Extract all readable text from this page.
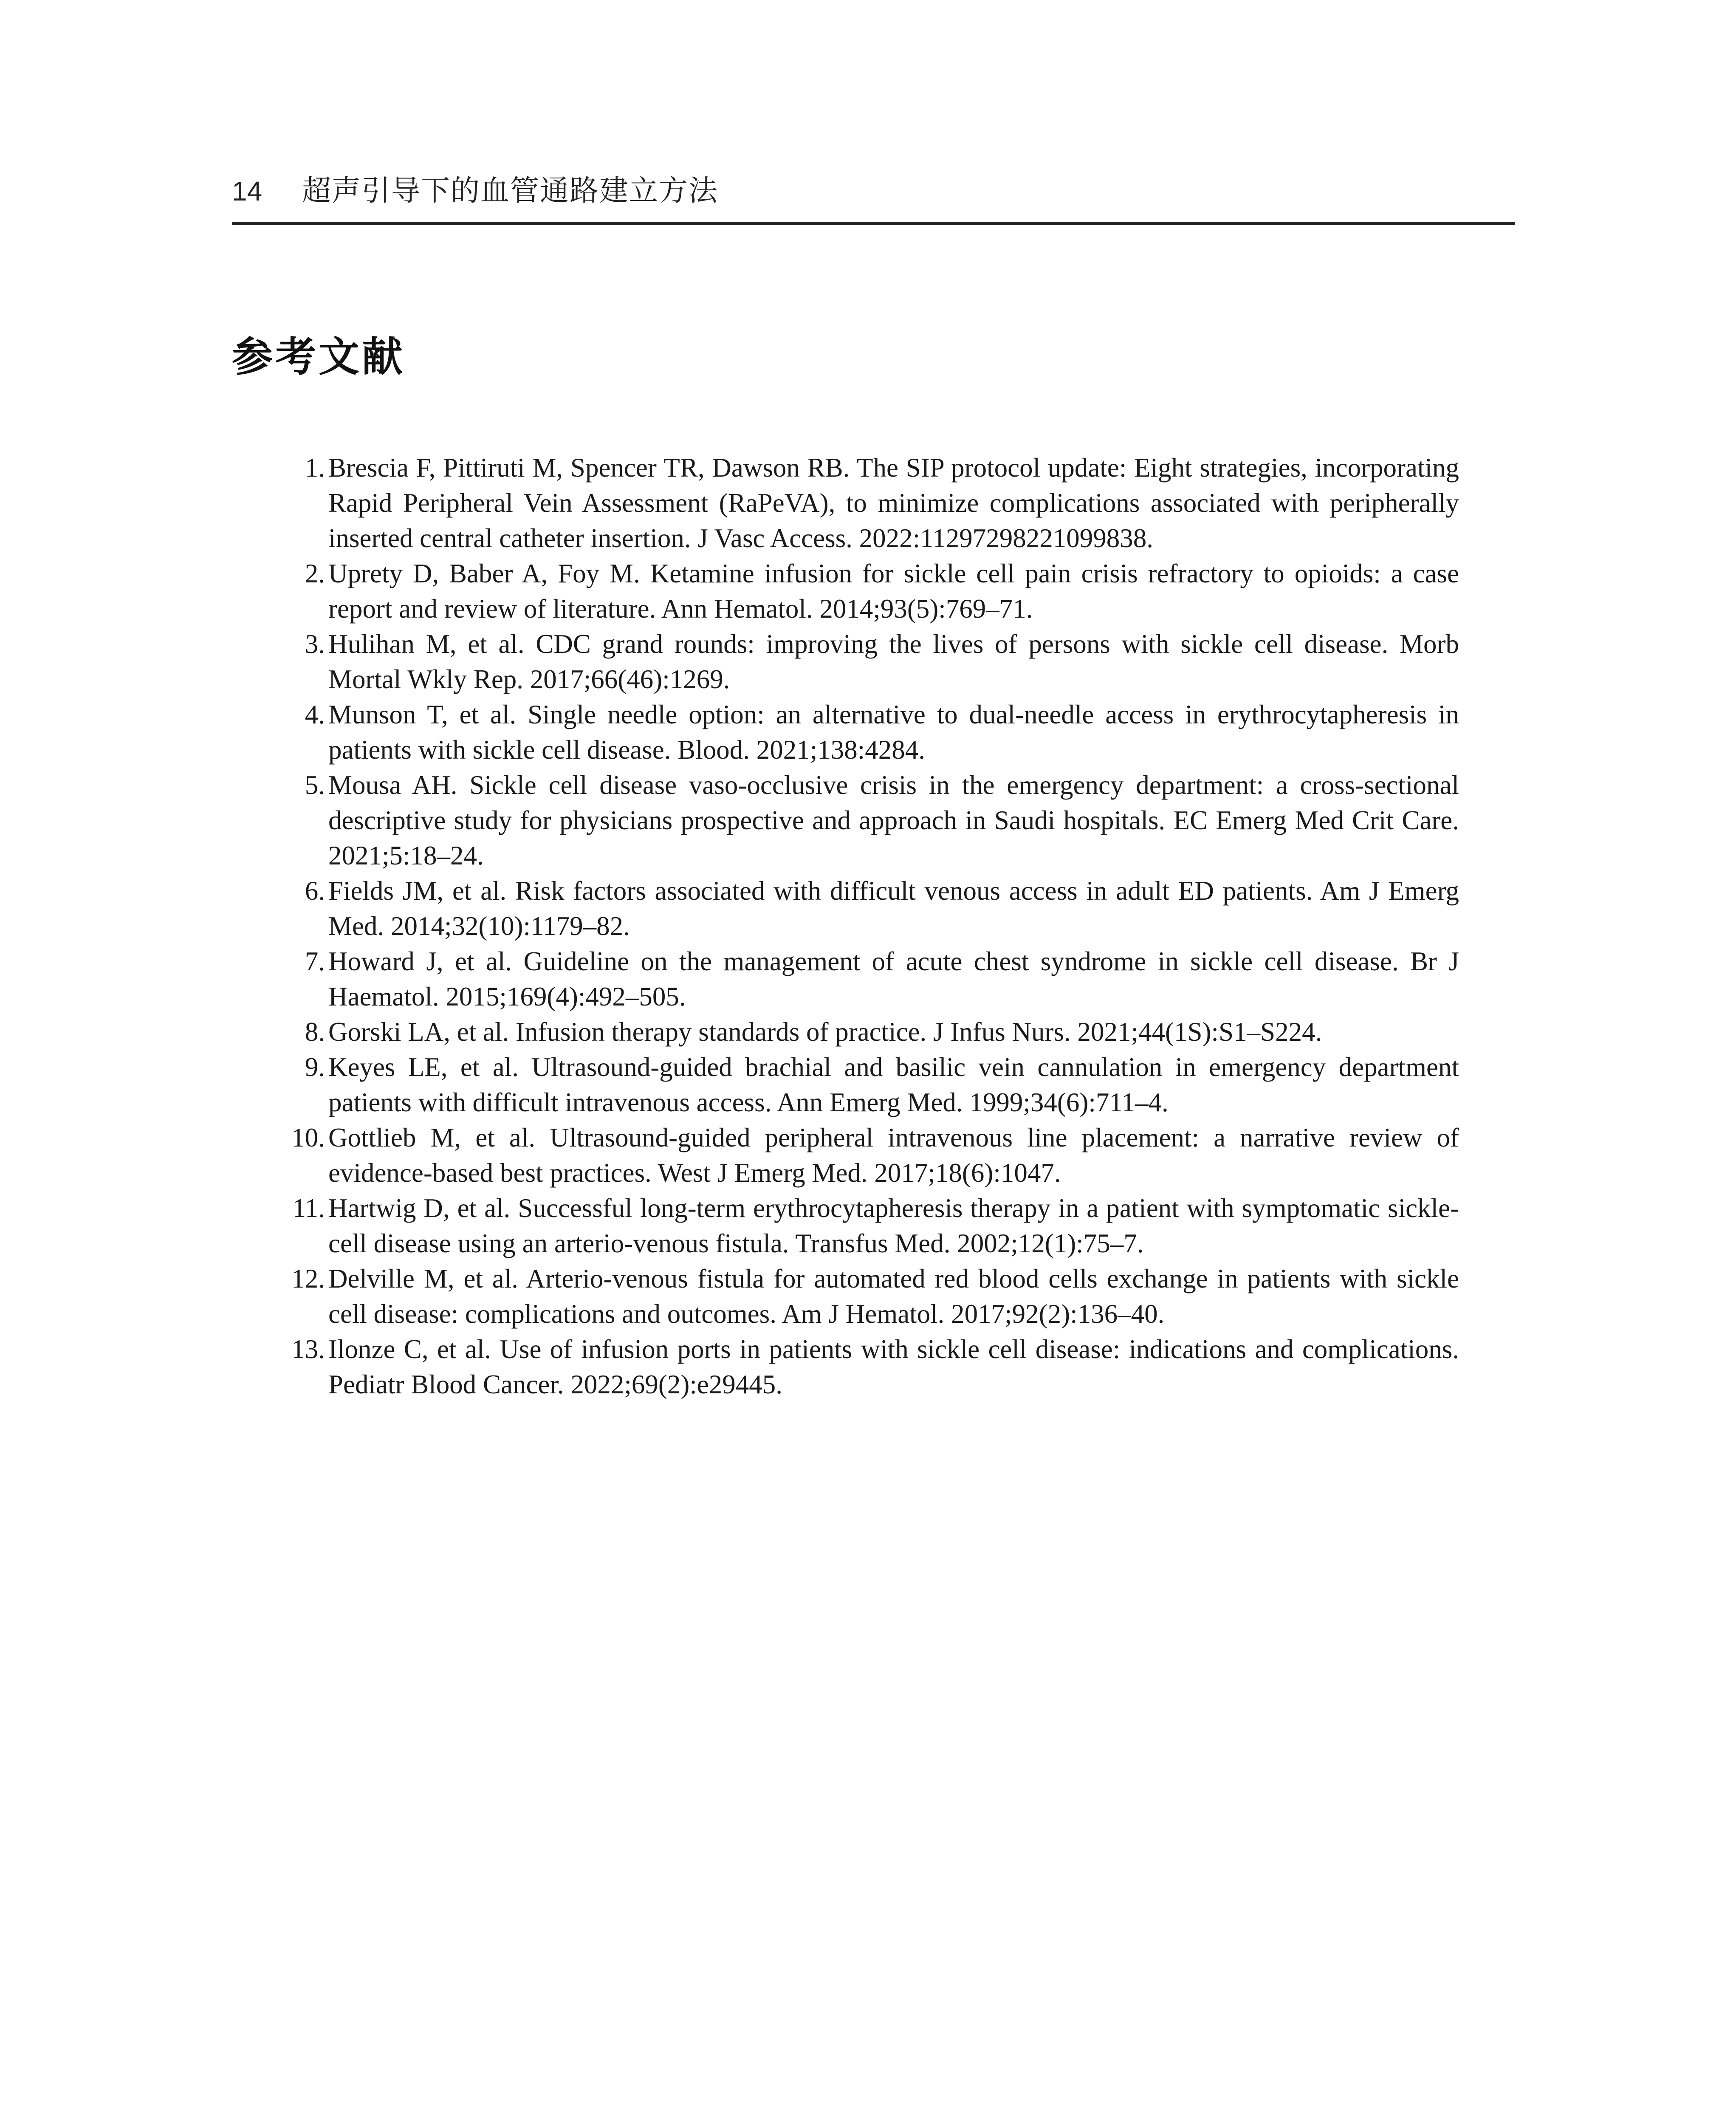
14 超声引导下的血管通路建立方法
参考文献
1. Brescia F, Pittiruti M, Spencer TR, Dawson RB. The SIP protocol update: Eight strategies, incorporating Rapid Peripheral Vein Assessment (RaPeVA), to minimize complications associated with peripherally inserted central catheter insertion. J Vasc Access. 2022:11297298221099838.
2. Uprety D, Baber A, Foy M. Ketamine infusion for sickle cell pain crisis refractory to opioids: a case report and review of literature. Ann Hematol. 2014;93(5):769–71.
3. Hulihan M, et al. CDC grand rounds: improving the lives of persons with sickle cell disease. Morb Mortal Wkly Rep. 2017;66(46):1269.
4. Munson T, et al. Single needle option: an alternative to dual-needle access in erythrocytapheresis in patients with sickle cell disease. Blood. 2021;138:4284.
5. Mousa AH. Sickle cell disease vaso-occlusive crisis in the emergency department: a cross-sectional descriptive study for physicians prospective and approach in Saudi hospitals. EC Emerg Med Crit Care. 2021;5:18–24.
6. Fields JM, et al. Risk factors associated with difficult venous access in adult ED patients. Am J Emerg Med. 2014;32(10):1179–82.
7. Howard J, et al. Guideline on the management of acute chest syndrome in sickle cell disease. Br J Haematol. 2015;169(4):492–505.
8. Gorski LA, et al. Infusion therapy standards of practice. J Infus Nurs. 2021;44(1S):S1–S224.
9. Keyes LE, et al. Ultrasound-guided brachial and basilic vein cannulation in emergency department patients with difficult intravenous access. Ann Emerg Med. 1999;34(6):711–4.
10. Gottlieb M, et al. Ultrasound-guided peripheral intravenous line placement: a narrative review of evidence-based best practices. West J Emerg Med. 2017;18(6):1047.
11. Hartwig D, et al. Successful long-term erythrocytapheresis therapy in a patient with symptomatic sickle-cell disease using an arterio-venous fistula. Transfus Med. 2002;12(1):75–7.
12. Delville M, et al. Arterio-venous fistula for automated red blood cells exchange in patients with sickle cell disease: complications and outcomes. Am J Hematol. 2017;92(2):136–40.
13. Ilonze C, et al. Use of infusion ports in patients with sickle cell disease: indications and complications. Pediatr Blood Cancer. 2022;69(2):e29445.
